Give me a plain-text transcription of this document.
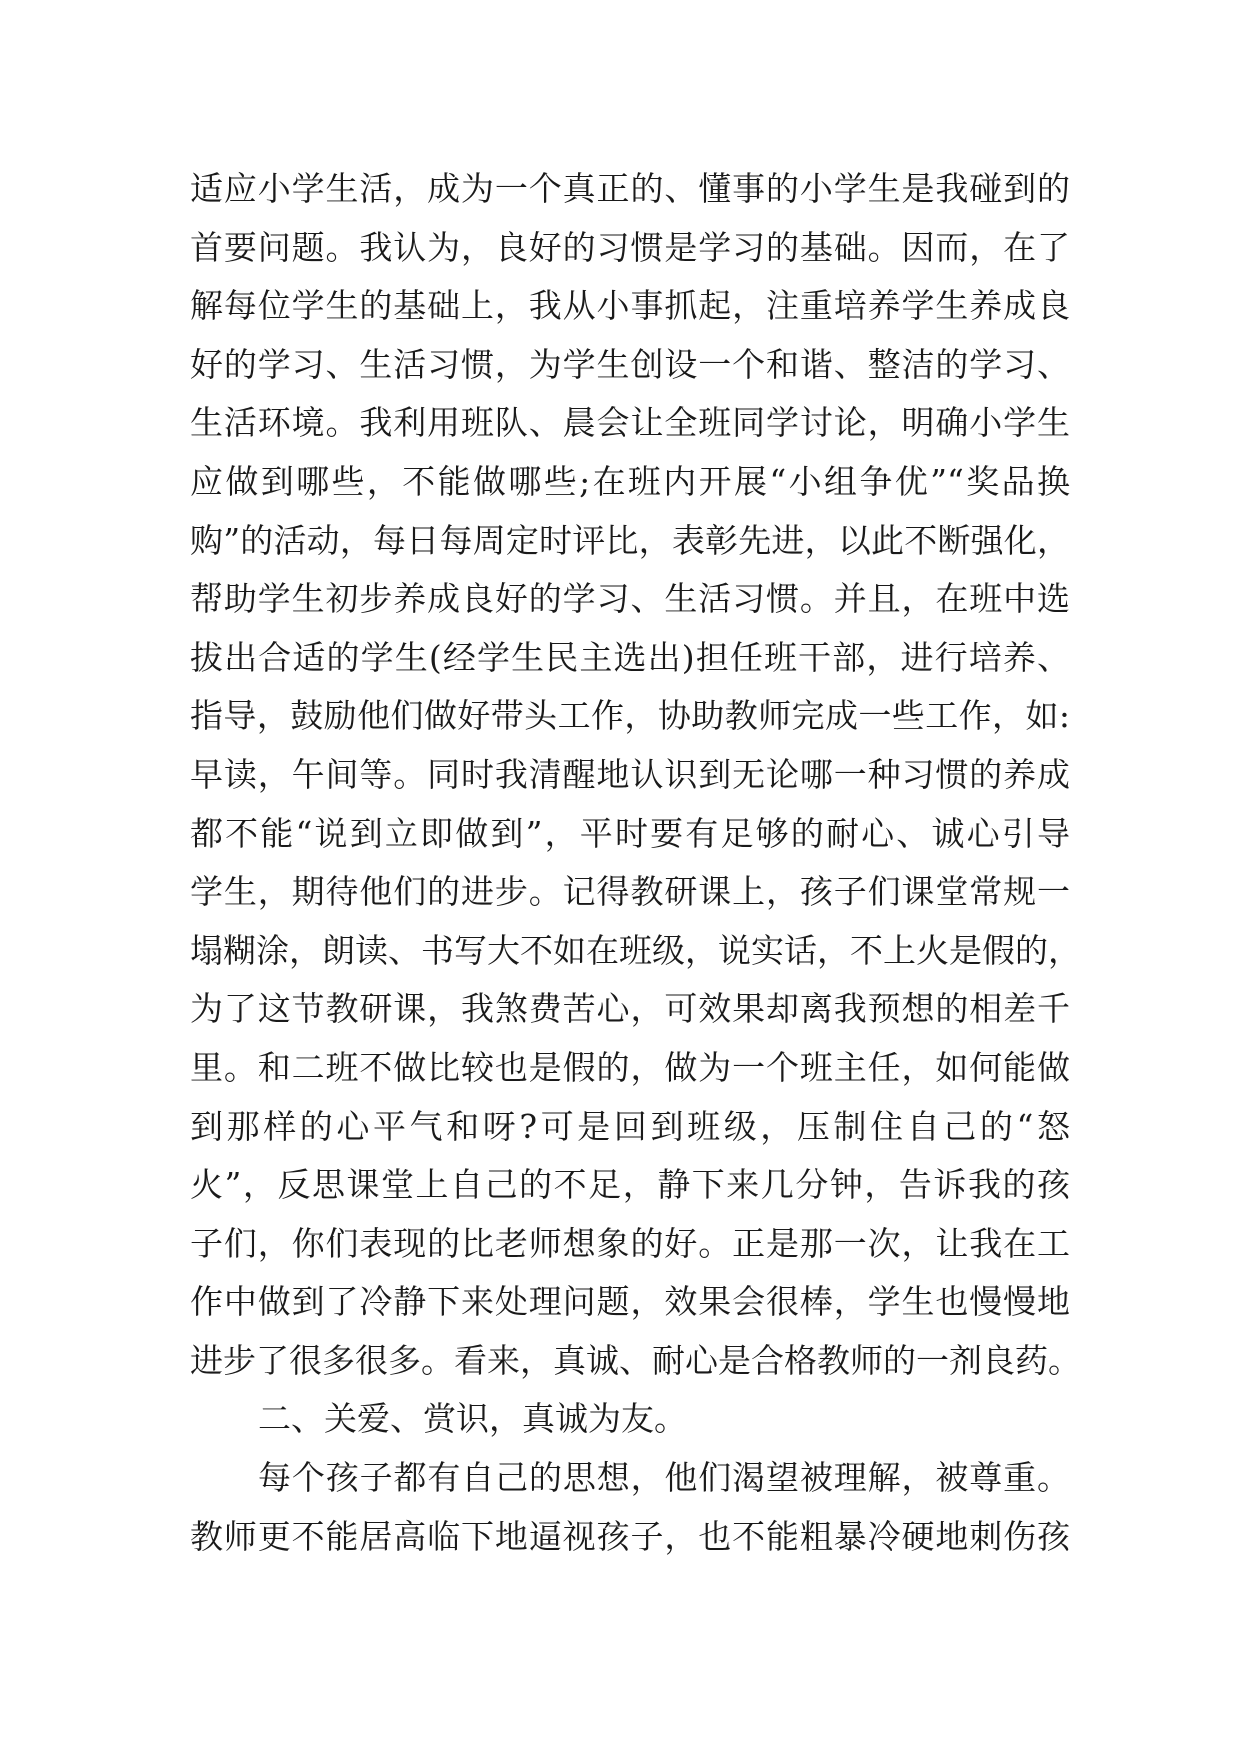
适应小学生活，成为一个真正的、懂事的小学生是我碰到的
首要问题。我认为，良好的习惯是学习的基础。因而，在了
解每位学生的基础上，我从小事抓起，注重培养学生养成良
好的学习、生活习惯，为学生创设一个和谐、整洁的学习、
生活环境。我利用班队、晨会让全班同学讨论，明确小学生
应做到哪些，不能做哪些;在班内开展“小组争优”“奖品换
购”的活动，每日每周定时评比，表彰先进，以此不断强化，
帮助学生初步养成良好的学习、生活习惯。并且，在班中选
拔出合适的学生(经学生民主选出)担任班干部，进行培养、
指导，鼓励他们做好带头工作，协助教师完成一些工作，如:
早读，午间等。同时我清醒地认识到无论哪一种习惯的养成
都不能“说到立即做到”，平时要有足够的耐心、诚心引导
学生，期待他们的进步。记得教研课上，孩子们课堂常规一
塌糊涂，朗读、书写大不如在班级，说实话，不上火是假的，
为了这节教研课，我煞费苦心，可效果却离我预想的相差千
里。和二班不做比较也是假的，做为一个班主任，如何能做
到那样的心平气和呀?可是回到班级，压制住自己的“怒
火”，反思课堂上自己的不足，静下来几分钟，告诉我的孩
子们，你们表现的比老师想象的好。正是那一次，让我在工
作中做到了冷静下来处理问题，效果会很棒，学生也慢慢地
进步了很多很多。看来，真诚、耐心是合格教师的一剂良药。
二、关爱、赏识，真诚为友。
每个孩子都有自己的思想，他们渴望被理解，被尊重。
教师更不能居高临下地逼视孩子，也不能粗暴冷硬地刺伤孩
